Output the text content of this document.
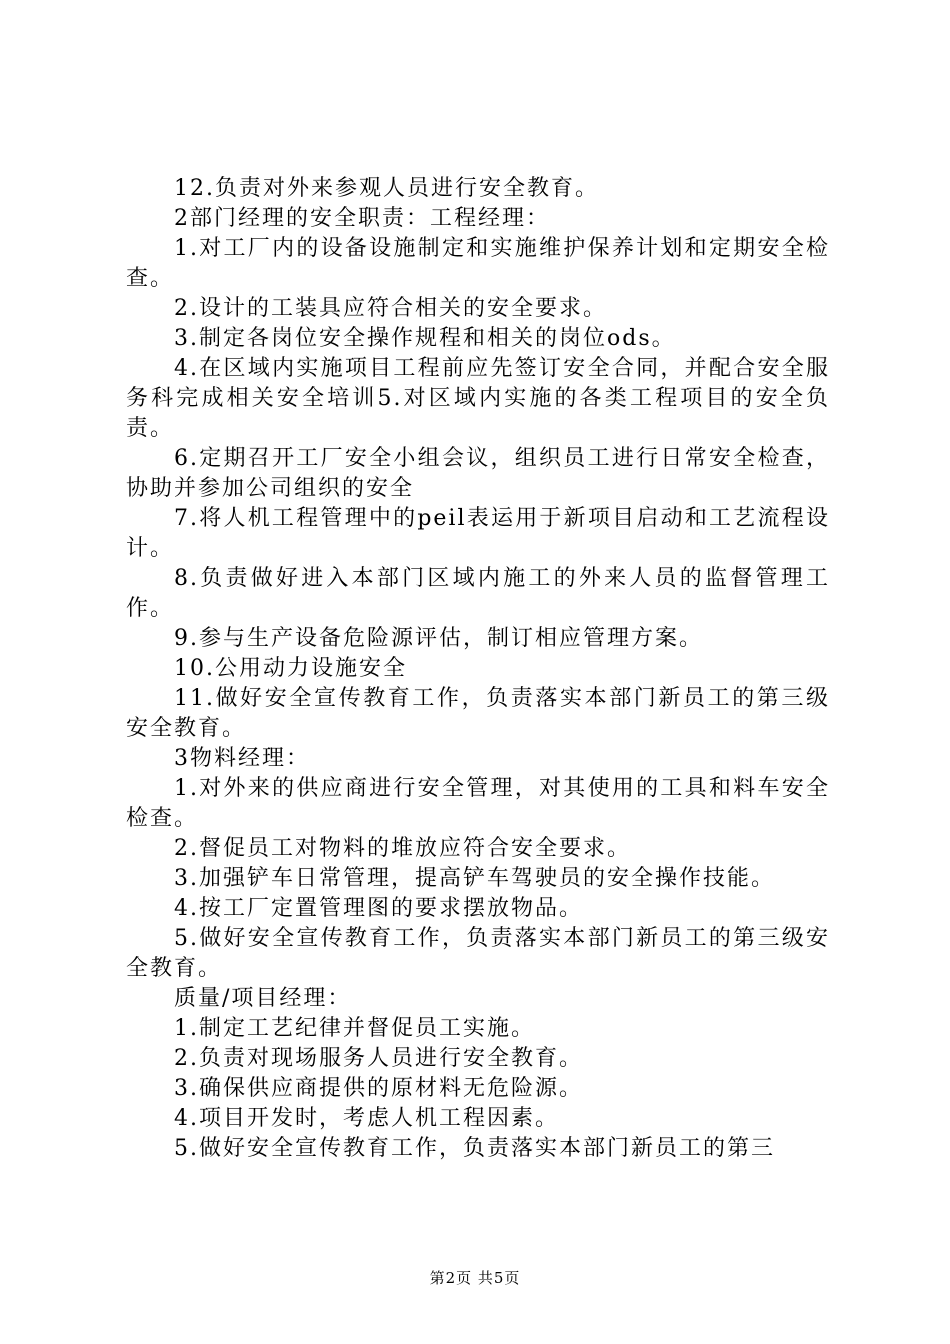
12.负责对外来参观人员进行安全教育。

2部门经理的安全职责：工程经理：

1.对工厂内的设备设施制定和实施维护保养计划和定期安全检查。

2.设计的工装具应符合相关的安全要求。

3.制定各岗位安全操作规程和相关的岗位ods。

4.在区域内实施项目工程前应先签订安全合同，并配合安全服务科完成相关安全培训5.对区域内实施的各类工程项目的安全负责。

6.定期召开工厂安全小组会议，组织员工进行日常安全检查，协助并参加公司组织的安全

7.将人机工程管理中的peil表运用于新项目启动和工艺流程设计。

8.负责做好进入本部门区域内施工的外来人员的监督管理工作。

9.参与生产设备危险源评估，制订相应管理方案。

10.公用动力设施安全

11.做好安全宣传教育工作，负责落实本部门新员工的第三级安全教育。

3物料经理：

1.对外来的供应商进行安全管理，对其使用的工具和料车安全检查。

2.督促员工对物料的堆放应符合安全要求。

3.加强铲车日常管理，提高铲车驾驶员的安全操作技能。

4.按工厂定置管理图的要求摆放物品。

5.做好安全宣传教育工作，负责落实本部门新员工的第三级安全教育。

质量/项目经理：

1.制定工艺纪律并督促员工实施。

2.负责对现场服务人员进行安全教育。

3.确保供应商提供的原材料无危险源。

4.项目开发时，考虑人机工程因素。

5.做好安全宣传教育工作，负责落实本部门新员工的第三

第2页 共5页
